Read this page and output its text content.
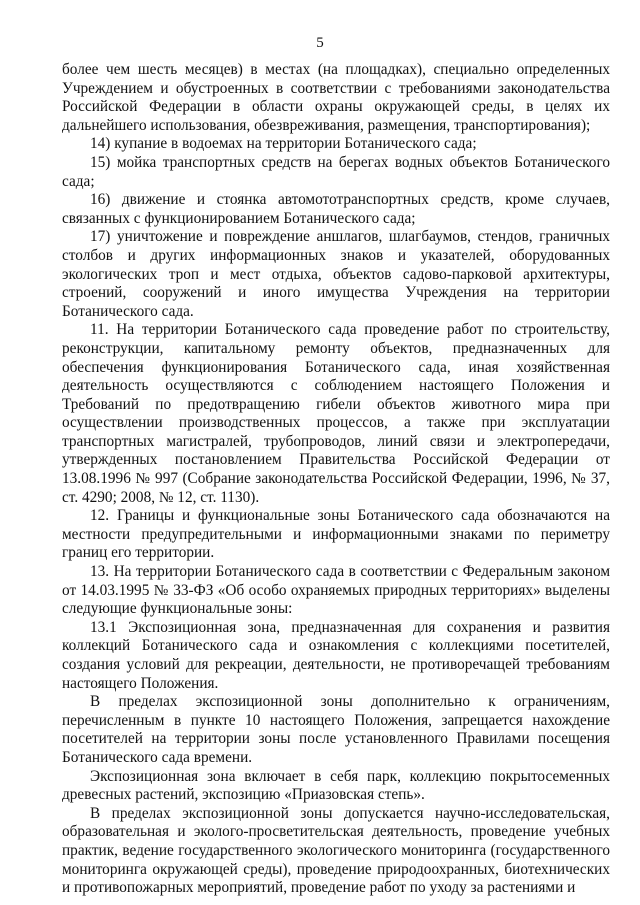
5

более чем шесть месяцев) в местах (на площадках), специально определенных Учреждением и обустроенных в соответствии с требованиями законодательства Российской Федерации в области охраны окружающей среды, в целях их дальнейшего использования, обезвреживания, размещения, транспортирования);

14) купание в водоемах на территории Ботанического сада;

15) мойка транспортных средств на берегах водных объектов Ботанического сада;

16) движение и стоянка автомототранспортных средств, кроме случаев, связанных с функционированием Ботанического сада;

17) уничтожение и повреждение аншлагов, шлагбаумов, стендов, граничных столбов и других информационных знаков и указателей, оборудованных экологических троп и мест отдыха, объектов садово-парковой архитектуры, строений, сооружений и иного имущества Учреждения на территории Ботанического сада.

11. На территории Ботанического сада проведение работ по строительству, реконструкции, капитальному ремонту объектов, предназначенных для обеспечения функционирования Ботанического сада, иная хозяйственная деятельность осуществляются с соблюдением настоящего Положения и Требований по предотвращению гибели объектов животного мира при осуществлении производственных процессов, а также при эксплуатации транспортных магистралей, трубопроводов, линий связи и электропередачи, утвержденных постановлением Правительства Российской Федерации от 13.08.1996 № 997 (Собрание законодательства Российской Федерации, 1996, № 37, ст. 4290; 2008, № 12, ст. 1130).

12. Границы и функциональные зоны Ботанического сада обозначаются на местности предупредительными и информационными знаками по периметру границ его территории.

13. На территории Ботанического сада в соответствии с Федеральным законом от 14.03.1995 № 33-ФЗ «Об особо охраняемых природных территориях» выделены следующие функциональные зоны:

13.1 Экспозиционная зона, предназначенная для сохранения и развития коллекций Ботанического сада и ознакомления с коллекциями посетителей, создания условий для рекреации, деятельности, не противоречащей требованиям настоящего Положения.

В пределах экспозиционной зоны дополнительно к ограничениям, перечисленным в пункте 10 настоящего Положения, запрещается нахождение посетителей на территории зоны после установленного Правилами посещения Ботанического сада времени.

Экспозиционная зона включает в себя парк, коллекцию покрытосеменных древесных растений, экспозицию «Приазовская степь».

В пределах экспозиционной зоны допускается научно-исследовательская, образовательная и эколого-просветительская деятельность, проведение учебных практик, ведение государственного экологического мониторинга (государственного мониторинга окружающей среды), проведение природоохранных, биотехнических и противопожарных мероприятий, проведение работ по уходу за растениями и
